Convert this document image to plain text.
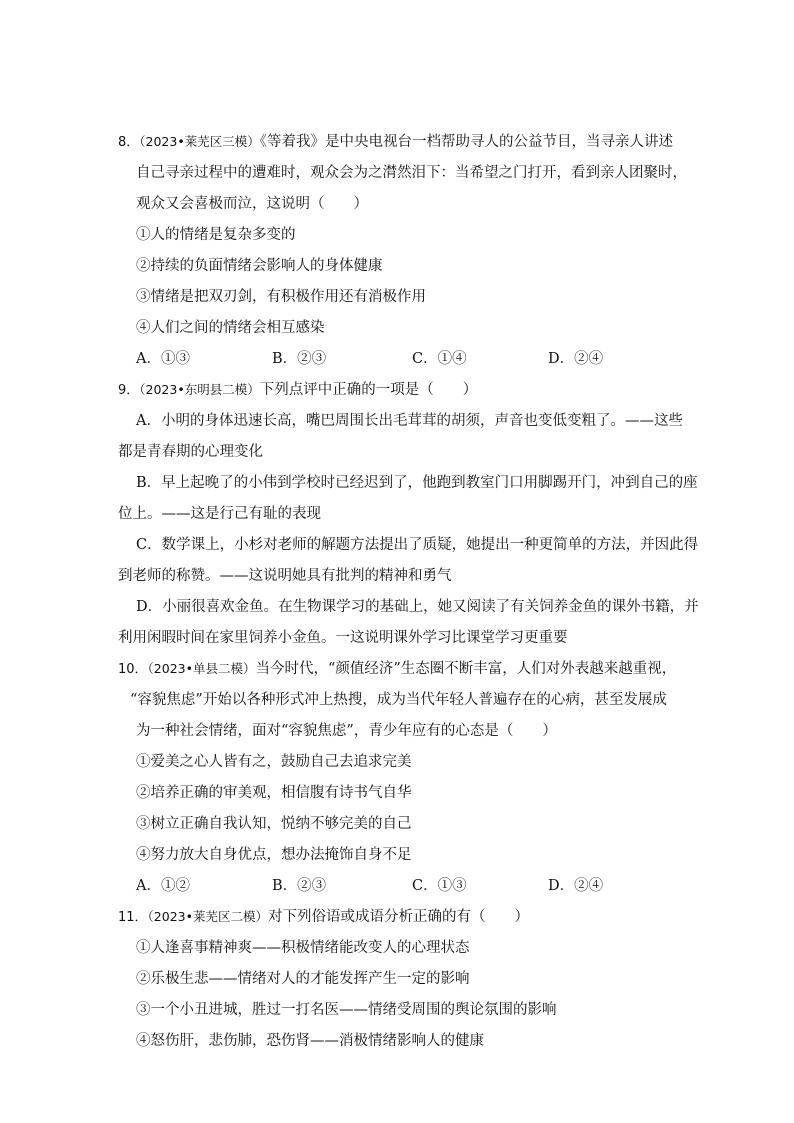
8．（2023•莱芜区三模）《等着我》是中央电视台一档帮助寻人的公益节目，当寻亲人讲述
自己寻亲过程中的遭难时，观众会为之潸然泪下：当希望之门打开，看到亲人团聚时，
观众又会喜极而泣，这说明（　　）
①人的情绪是复杂多变的
②持续的负面情绪会影响人的身体健康
③情绪是把双刃剑，有积极作用还有消极作用
④人们之间的情绪会相互感染
A．①③	B．②③	C．①④	D．②④
9．（2023•东明县二模）下列点评中正确的一项是（　　）
A．小明的身体迅速长高，嘴巴周围长出毛茸茸的胡须，声音也变低变粗了。——这些
都是青春期的心理变化
B．早上起晚了的小伟到学校时已经迟到了，他跑到教室门口用脚踢开门，冲到自己的座
位上。——这是行己有耻的表现
C．数学课上，小杉对老师的解题方法提出了质疑，她提出一种更简单的方法，并因此得
到老师的称赞。——这说明她具有批判的精神和勇气
D．小丽很喜欢金鱼。在生物课学习的基础上，她又阅读了有关饲养金鱼的课外书籍，并
利用闲暇时间在家里饲养小金鱼。一这说明课外学习比课堂学习更重要
10．（2023•单县二模）当今时代，“颜值经济”生态圈不断丰富，人们对外表越来越重视，
“容貌焦虑”开始以各种形式冲上热搜，成为当代年轻人普遍存在的心病，甚至发展成
为一种社会情绪，面对“容貌焦虑”，青少年应有的心态是（　　）
①爱美之心人皆有之，鼓励自己去追求完美
②培养正确的审美观，相信腹有诗书气自华
③树立正确自我认知，悦纳不够完美的自己
④努力放大自身优点，想办法掩饰自身不足
A．①②	B．②③	C．①③	D．②④
11．（2023•莱芜区二模）对下列俗语或成语分析正确的有（　　）
①人逢喜事精神爽——积极情绪能改变人的心理状态
②乐极生悲——情绪对人的才能发挥产生一定的影响
③一个小丑进城，胜过一打名医——情绪受周围的舆论氛围的影响
④怒伤肝，悲伤肺，恐伤肾——消极情绪影响人的健康
